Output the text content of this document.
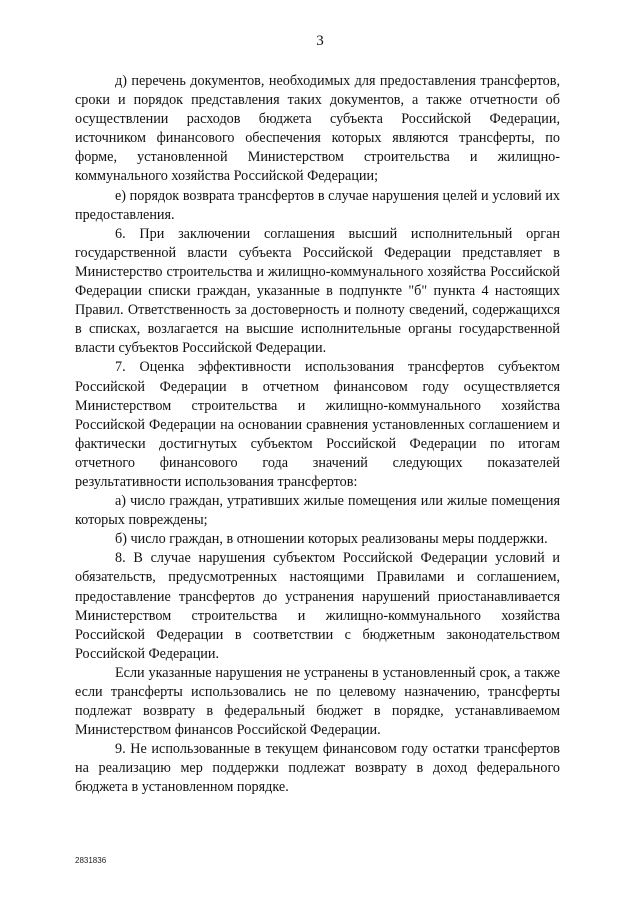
3

д) перечень документов, необходимых для предоставления трансфертов, сроки и порядок представления таких документов, а также отчетности об осуществлении расходов бюджета субъекта Российской Федерации, источником финансового обеспечения которых являются трансферты, по форме, установленной Министерством строительства и жилищно-коммунального хозяйства Российской Федерации;

е) порядок возврата трансфертов в случае нарушения целей и условий их предоставления.

6. При заключении соглашения высший исполнительный орган государственной власти субъекта Российской Федерации представляет в Министерство строительства и жилищно-коммунального хозяйства Российской Федерации списки граждан, указанные в подпункте "б" пункта 4 настоящих Правил. Ответственность за достоверность и полноту сведений, содержащихся в списках, возлагается на высшие исполнительные органы государственной власти субъектов Российской Федерации.

7. Оценка эффективности использования трансфертов субъектом Российской Федерации в отчетном финансовом году осуществляется Министерством строительства и жилищно-коммунального хозяйства Российской Федерации на основании сравнения установленных соглашением и фактически достигнутых субъектом Российской Федерации по итогам отчетного финансового года значений следующих показателей результативности использования трансфертов:

а) число граждан, утративших жилые помещения или жилые помещения которых повреждены;

б) число граждан, в отношении которых реализованы меры поддержки.

8. В случае нарушения субъектом Российской Федерации условий и обязательств, предусмотренных настоящими Правилами и соглашением, предоставление трансфертов до устранения нарушений приостанавливается Министерством строительства и жилищно-коммунального хозяйства Российской Федерации в соответствии с бюджетным законодательством Российской Федерации.

Если указанные нарушения не устранены в установленный срок, а также если трансферты использовались не по целевому назначению, трансферты подлежат возврату в федеральный бюджет в порядке, устанавливаемом Министерством финансов Российской Федерации.

9. Не использованные в текущем финансовом году остатки трансфертов на реализацию мер поддержки подлежат возврату в доход федерального бюджета в установленном порядке.

2831836
